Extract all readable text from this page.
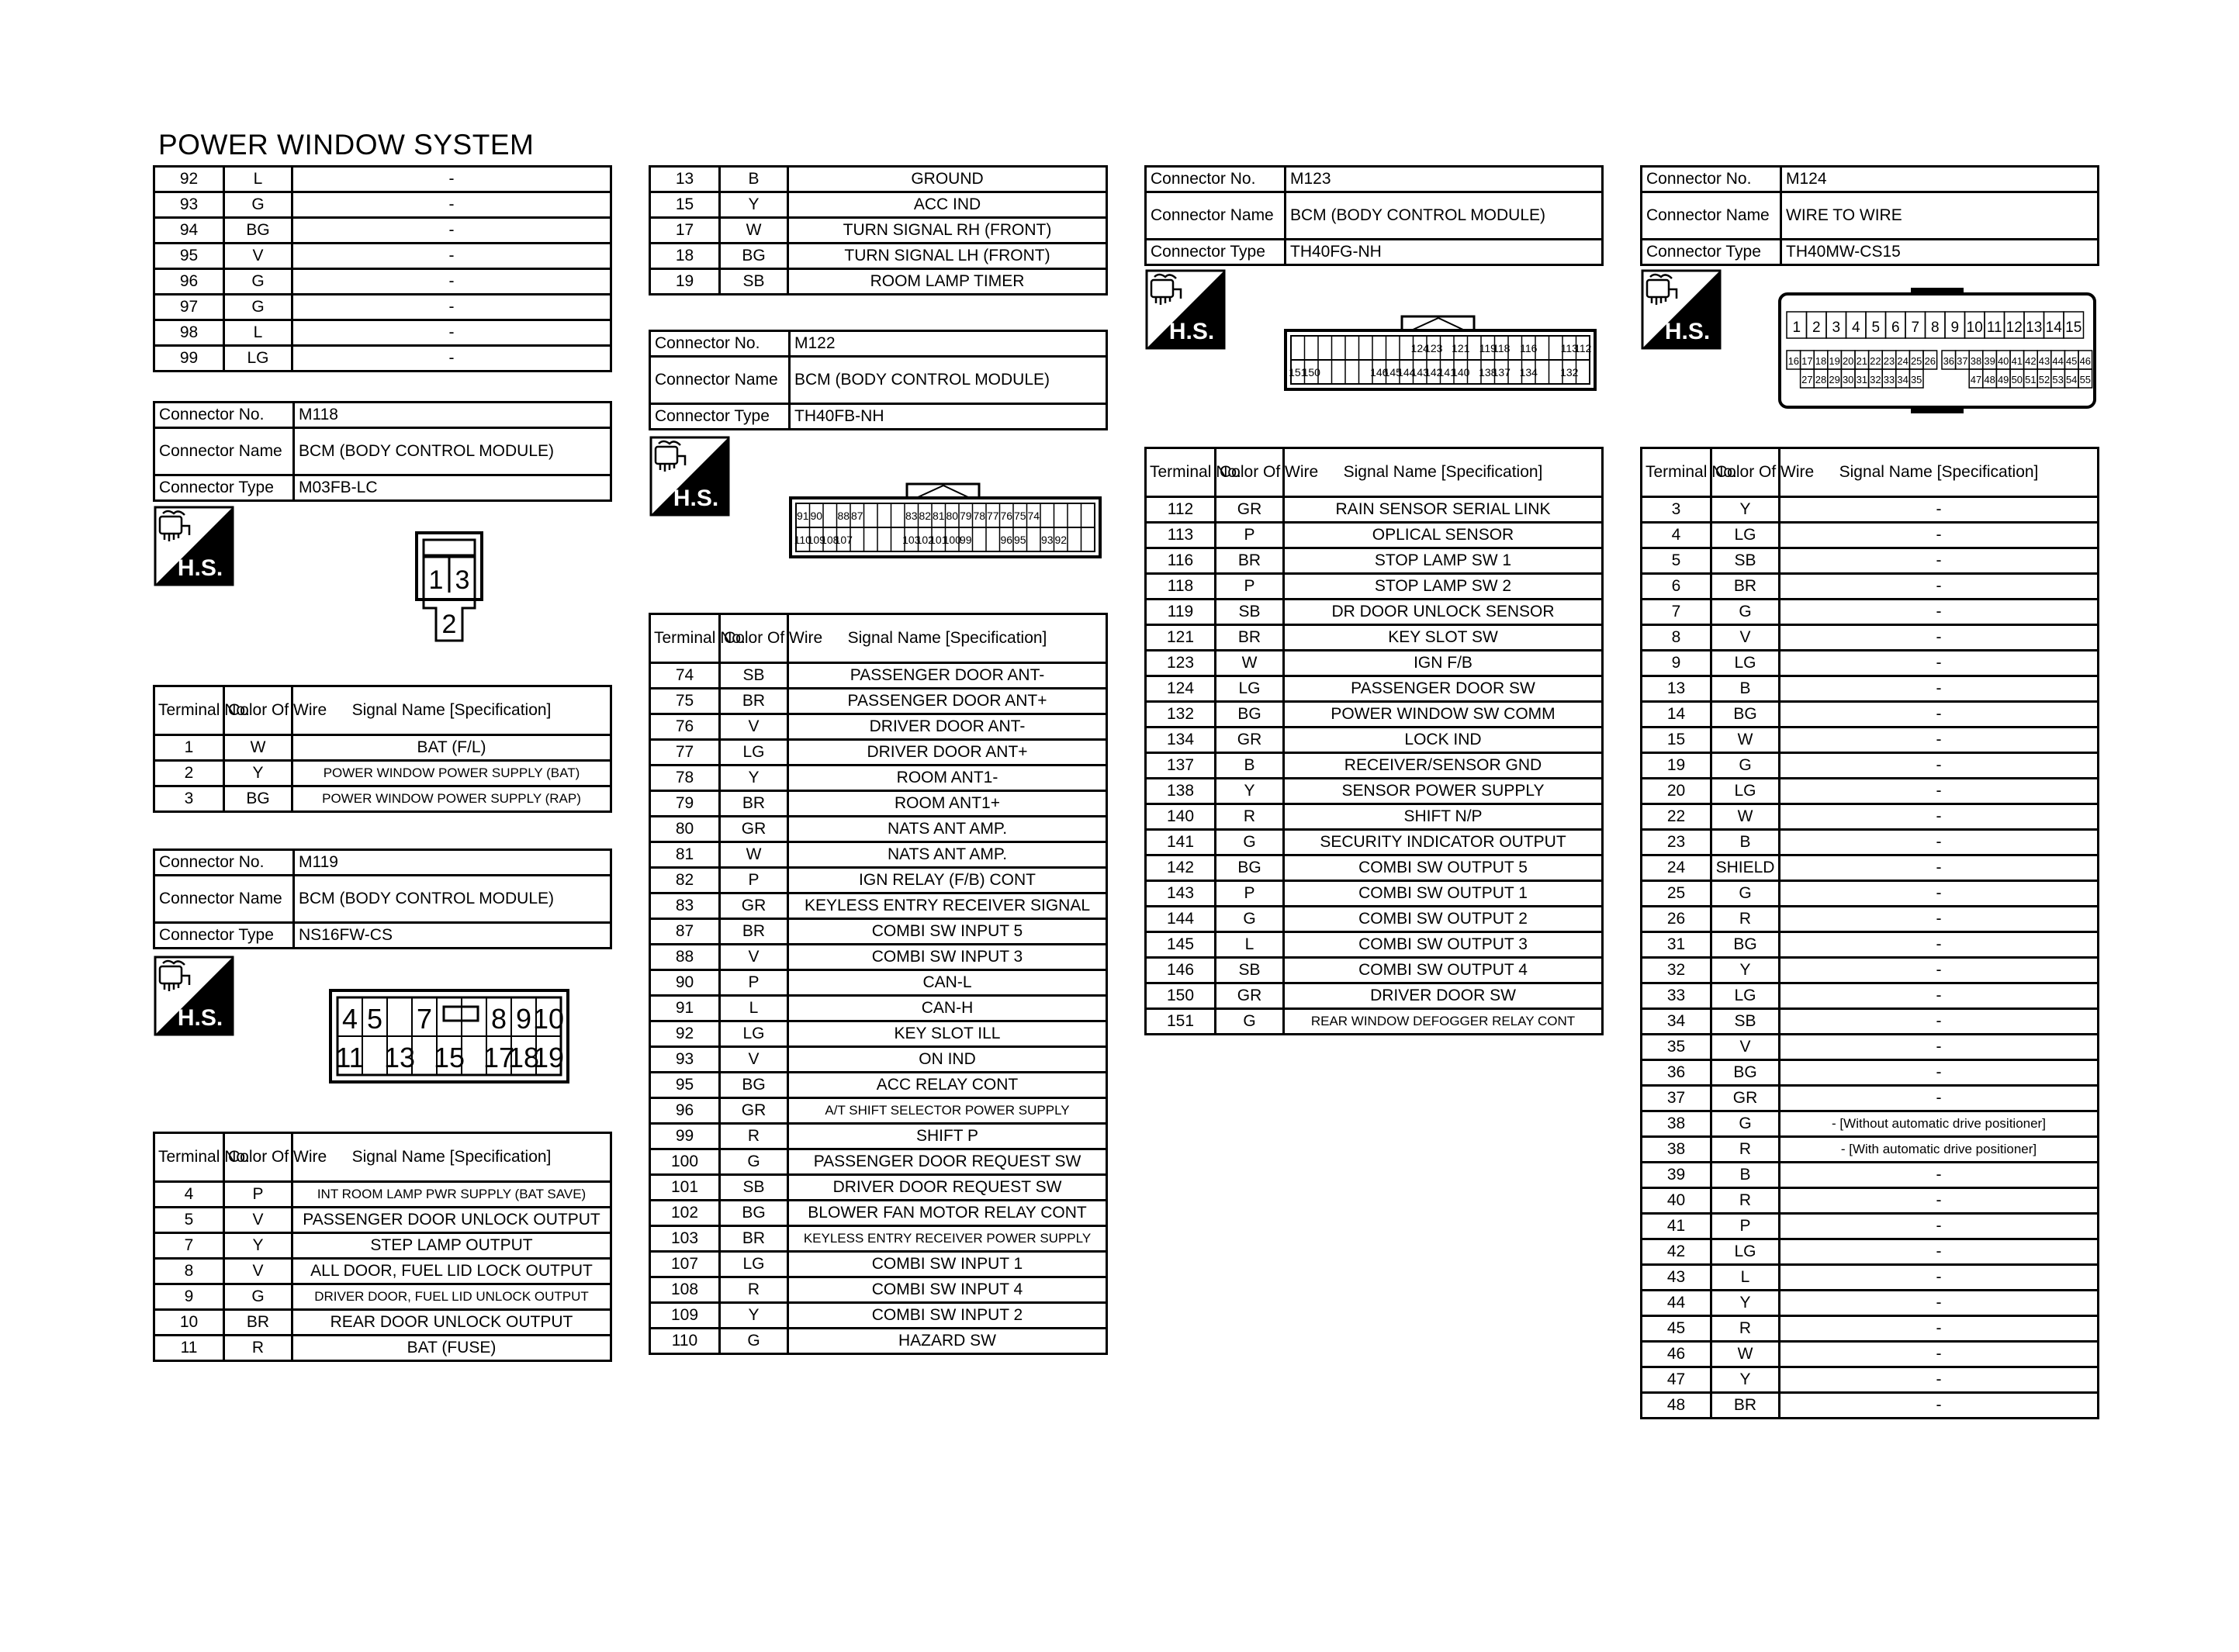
POWER WINDOW SYSTEM
92	L	-
93	G	-
94	BG	-
95	V	-
96	G	-
97	G	-
98	L	-
99	LG	-
Connector No.	M118
Connector Name	BCM (BODY CONTROL MODULE)
Connector Type	M03FB-LC
1 3
2
Terminal No.	Color Of Wire	Signal Name [Specification]
1	W	BAT (F/L)
2	Y	POWER WINDOW POWER SUPPLY (BAT)
3	BG	POWER WINDOW POWER SUPPLY (RAP)
Connector No.	M119
Connector Name	BCM (BODY CONTROL MODULE)
Connector Type	NS16FW-CS
4 5 7 8 9 10
11 13 15 17
18
19
Terminal No.	Color Of Wire	Signal Name [Specification]
4	P	INT ROOM LAMP PWR SUPPLY (BAT SAVE)
5	V	PASSENGER DOOR UNLOCK OUTPUT
7	Y	STEP LAMP OUTPUT
8	V	ALL DOOR, FUEL LID LOCK OUTPUT
9	G	DRIVER DOOR, FUEL LID UNLOCK OUTPUT
10	BR	REAR DOOR UNLOCK OUTPUT
11	R	BAT (FUSE)
13	B	GROUND
15	Y	ACC IND
17	W	TURN SIGNAL RH (FRONT)
18	BG	TURN SIGNAL LH (FRONT)
19	SB	ROOM LAMP TIMER
Connector No.	M122
Connector Name	BCM (BODY CONTROL MODULE)
Connector Type	TH40FB-NH
91 90 88 87	83 82 81 80 79 78 77 76 75 74
110
109
108
107	103
102
101
100
99	96 95 93 92
Terminal No.	Color Of Wire	Signal Name [Specification]
74	SB	PASSENGER DOOR ANT-
75	BR	PASSENGER DOOR ANT+
76	V	DRIVER DOOR ANT-
77	LG	DRIVER DOOR ANT+
78	Y	ROOM ANT1-
79	BR	ROOM ANT1+
80	GR	NATS ANT AMP.
81	W	NATS ANT AMP.
82	P	IGN RELAY (F/B) CONT
83	GR	KEYLESS ENTRY RECEIVER SIGNAL
87	BR	COMBI SW INPUT 5
88	V	COMBI SW INPUT 3
90	P	CAN-L
91	L	CAN-H
92	LG	KEY SLOT ILL
93	V	ON IND
95	BG	ACC RELAY CONT
96	GR	A/T SHIFT SELECTOR POWER SUPPLY
99	R	SHIFT P
100	G	PASSENGER DOOR REQUEST SW
101	SB	DRIVER DOOR REQUEST SW
102	BG	BLOWER FAN MOTOR RELAY CONT
103	BR	KEYLESS ENTRY RECEIVER POWER SUPPLY
107	LG	COMBI SW INPUT 1
108	R	COMBI SW INPUT 4
109	Y	COMBI SW INPUT 2
110	G	HAZARD SW
Connector No.	M123
Connector Name	BCM (BODY CONTROL MODULE)
Connector Type	TH40FG-NH
124
123 121 119
118 116 113
112
151
150	146
145
144
143
142
141
140 138
137 134 132
Terminal No.	Color Of Wire	Signal Name [Specification]
112	GR	RAIN SENSOR SERIAL LINK
113	P	OPLICAL SENSOR
116	BR	STOP LAMP SW 1
118	P	STOP LAMP SW 2
119	SB	DR DOOR UNLOCK SENSOR
121	BR	KEY SLOT SW
123	W	IGN F/B
124	LG	PASSENGER DOOR SW
132	BG	POWER WINDOW SW COMM
134	GR	LOCK IND
137	B	RECEIVER/SENSOR GND
138	Y	SENSOR POWER SUPPLY
140	R	SHIFT N/P
141	G	SECURITY INDICATOR OUTPUT
142	BG	COMBI SW OUTPUT 5
143	P	COMBI SW OUTPUT 1
144	G	COMBI SW OUTPUT 2
145	L	COMBI SW OUTPUT 3
146	SB	COMBI SW OUTPUT 4
150	GR	DRIVER DOOR SW
151	G	REAR WINDOW DEFOGGER RELAY CONT
Connector No.	M124
Connector Name	WIRE TO WIRE
Connector Type	TH40MW-CS15
1 2 3 4 5 6 7 8 9 10 11 12 13 14 15
16 17 18 19 20 21 22 23 24 25 26 36 37 38 39 40 41 42 43 44 45 46
27 28 29 30 31 32 33 34 35	47 48 49 50 51 52 53 54 55
Terminal No.	Color Of Wire	Signal Name [Specification]
3	Y	-
4	LG	-
5	SB	-
6	BR	-
7	G	-
8	V	-
9	LG	-
13	B	-
14	BG	-
15	W	-
19	G	-
20	LG	-
22	W	-
23	B	-
24	SHIELD	-
25	G	-
26	R	-
31	BG	-
32	Y	-
33	LG	-
34	SB	-
35	V	-
36	BG	-
37	GR	-
38	G	- [Without automatic drive positioner]
38	R	- [With automatic drive positioner]
39	B	-
40	R	-
41	P	-
42	LG	-
43	L	-
44	Y	-
45	R	-
46	W	-
47	Y	-
48	BR	-
